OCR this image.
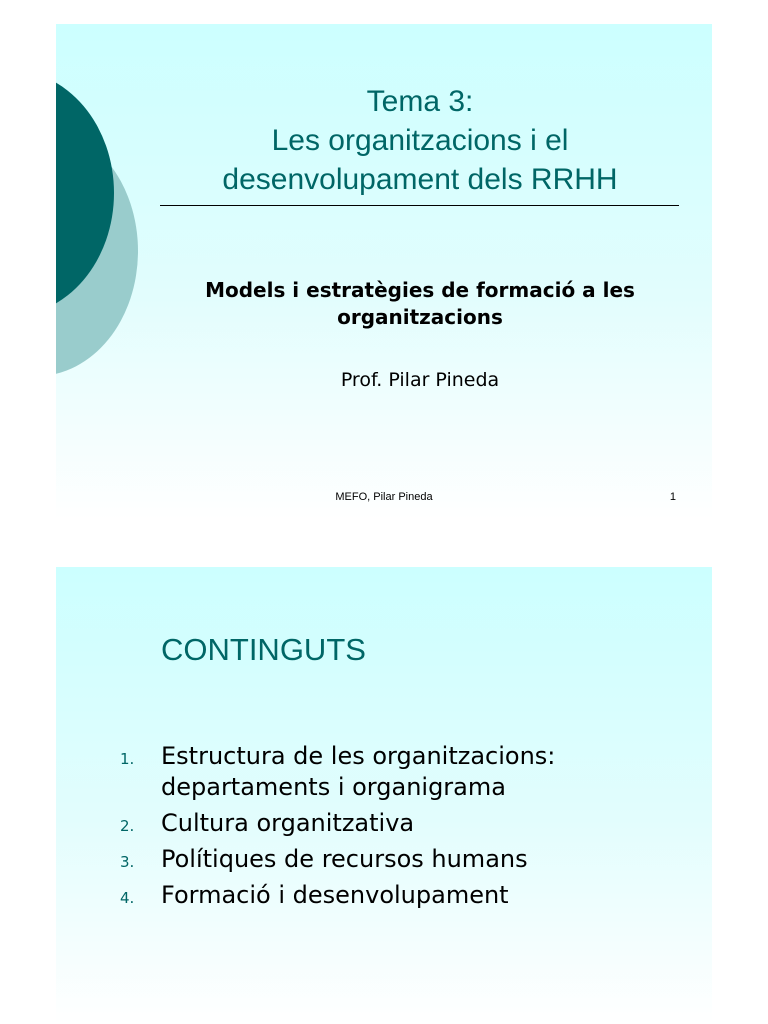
Tema 3:
Les organitzacions i el
desenvolupament dels RRHH
Models i estratègies de formació a les organitzacions
Prof. Pilar Pineda
MEFO, Pilar Pineda	1
CONTINGUTS
1.	Estructura de les organitzacions: departaments i organigrama
2.	Cultura organitzativa
3.	Polítiques de recursos humans
4.	Formació i desenvolupament
